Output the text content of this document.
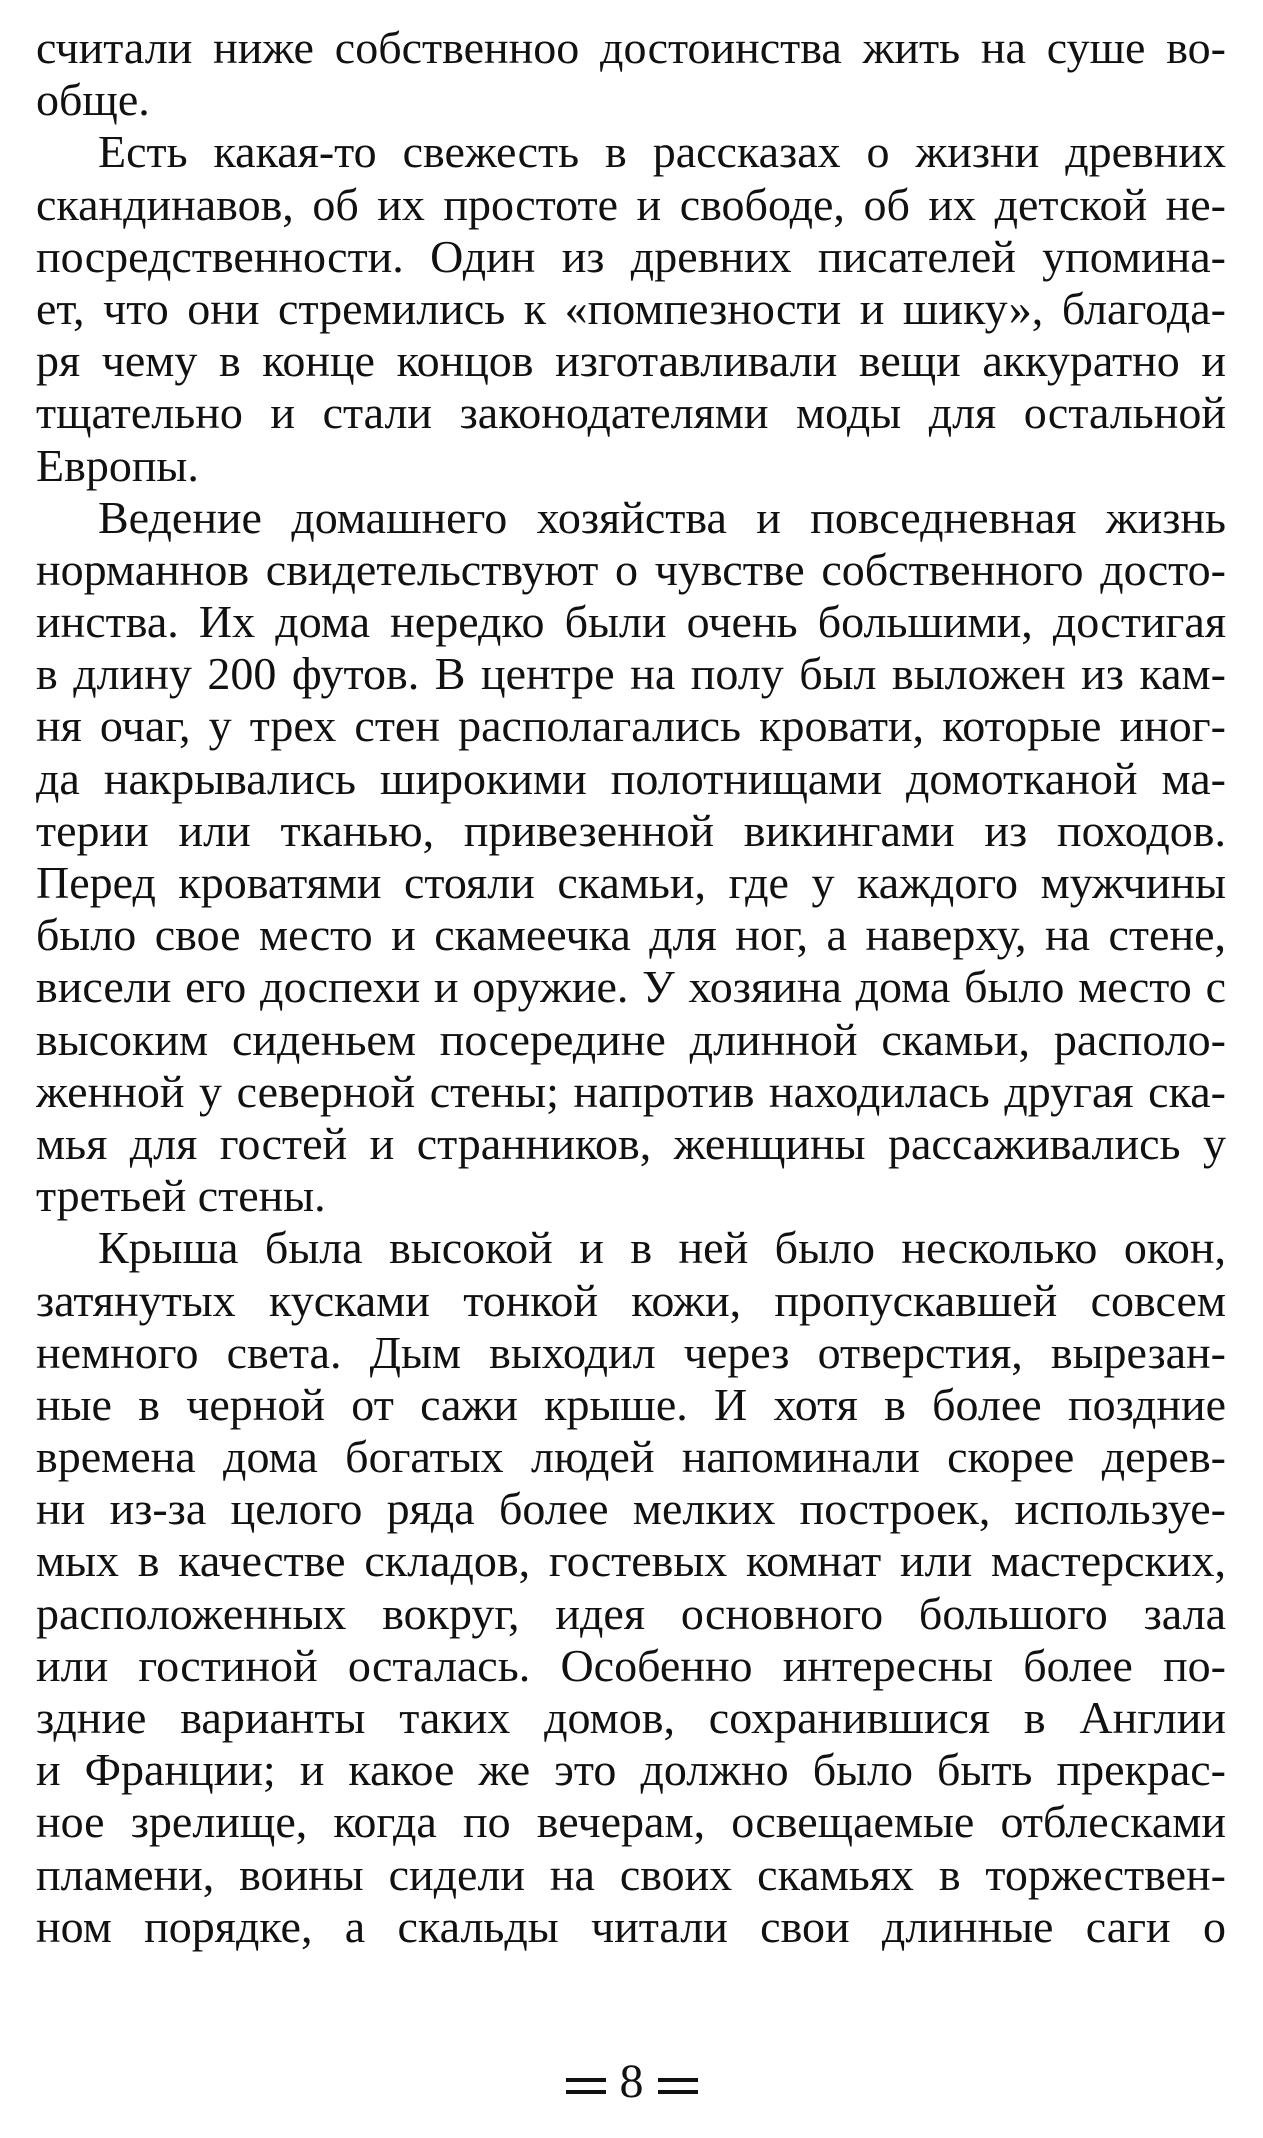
считали ниже собственноо достоинства жить на суше во-
обще.
Есть какая-то свежесть в рассказах о жизни древних
скандинавов, об их простоте и свободе, об их детской не-
посредственности. Один из древних писателей упомина-
ет, что они стремились к «помпезности и шику», благода-
ря чему в конце концов изготавливали вещи аккуратно и
тщательно и стали законодателями моды для остальной
Европы.
Ведение домашнего хозяйства и повседневная жизнь
норманнов свидетельствуют о чувстве собственного досто-
инства. Их дома нередко были очень большими, достигая
в длину 200 футов. В центре на полу был выложен из кам-
ня очаг, у трех стен располагались кровати, которые иног-
да накрывались широкими полотнищами домотканой ма-
терии или тканью, привезенной викингами из походов.
Перед кроватями стояли скамьи, где у каждого мужчины
было свое место и скамеечка для ног, а наверху, на стене,
висели его доспехи и оружие. У хозяина дома было место с
высоким сиденьем посередине длинной скамьи, располо-
женной у северной стены; напротив находилась другая ска-
мья для гостей и странников, женщины рассаживались у
третьей стены.
Крыша была высокой и в ней было несколько окон,
затянутых кусками тонкой кожи, пропускавшей совсем
немного света. Дым выходил через отверстия, вырезан-
ные в черной от сажи крыше. И хотя в более поздние
времена дома богатых людей напоминали скорее дерев-
ни из-за целого ряда более мелких построек, используе-
мых в качестве складов, гостевых комнат или мастерских,
расположенных вокруг, идея основного большого зала
или гостиной осталась. Особенно интересны более по-
здние варианты таких домов, сохранившися в Англии
и Франции; и какое же это должно было быть прекрас-
ное зрелище, когда по вечерам, освещаемые отблесками
пламени, воины сидели на своих скамьях в торжествен-
ном порядке, а скальды читали свои длинные саги о
8
